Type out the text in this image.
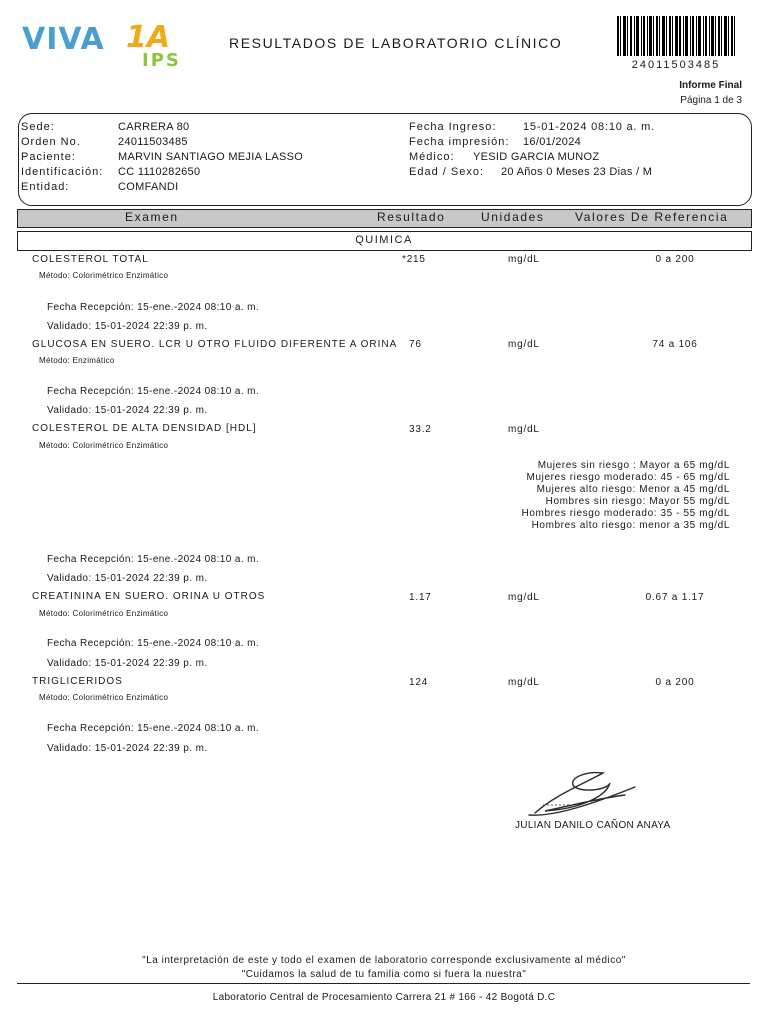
VIVA 1A
IPS
RESULTADOS DE LABORATORIO CLÍNICO
24011503485
Informe Final
Página 1 de 3
Sede:	CARRERA 80
Orden No.	24011503485
Paciente:	MARVIN SANTIAGO MEJIA LASSO
Identificación: CC 1110282650
Entidad:	COMFANDI
Fecha Ingreso: 15-01-2024 08:10 a. m.
Fecha impresión: 16/01/2024
Médico: YESID GARCIA MUNOZ
Edad / Sexo: 20 Años 0 Meses 23 Dias / M
Examen	Resultado	Unidades	Valores De Referencia
QUIMICA
COLESTEROL TOTAL	*215	mg/dL	0 a 200
Método: Colorimétrico Enzimático
Fecha Recepción: 15-ene.-2024 08:10 a. m.
Validado: 15-01-2024 22:39 p. m.
GLUCOSA EN SUERO. LCR U OTRO FLUIDO DIFERENTE A ORINA 76	mg/dL	74 a 106
Método: Enzimático
Fecha Recepción: 15-ene.-2024 08:10 a. m.
Validado: 15-01-2024 22:39 p. m.
COLESTEROL DE ALTA DENSIDAD [HDL]	33.2	mg/dL
Método: Colorimétrico Enzimático
Mujeres sin riesgo : Mayor a 65 mg/dL
Mujeres riesgo moderado: 45 - 65 mg/dL
Mujeres alto riesgo: Menor a 45 mg/dL
Hombres sin riesgo: Mayor 55 mg/dL
Hombres riesgo moderado: 35 - 55 mg/dL
Hombres alto riesgo: menor a 35 mg/dL
Fecha Recepción: 15-ene.-2024 08:10 a. m.
Validado: 15-01-2024 22:39 p. m.
CREATININA EN SUERO. ORINA U OTROS	1.17	mg/dL	0.67 a 1.17
Método: Colorimétrico Enzimático
Fecha Recepción: 15-ene.-2024 08:10 a. m.
Validado: 15-01-2024 22:39 p. m.
TRIGLICERIDOS	124	mg/dL	0 a 200
Método: Colorimétrico Enzimático
Fecha Recepción: 15-ene.-2024 08:10 a. m.
Validado: 15-01-2024 22:39 p. m.
JULIAN DANILO CAÑON ANAYA
"La interpretación de este y todo el examen de laboratorio corresponde exclusivamente al médico"
"Cuidamos la salud de tu familia como si fuera la nuestra"
Laboratorio Central de Procesamiento Carrera 21 # 166 - 42 Bogotá D.C
